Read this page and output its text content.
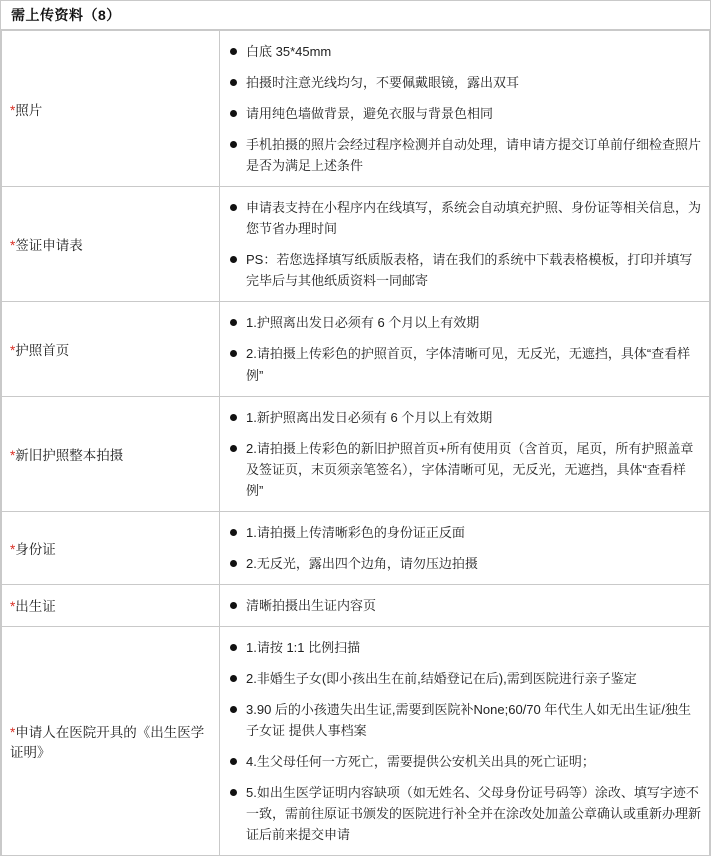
需上传资料（8）
*照片	
白底 35*45mm
拍摄时注意光线均匀，不要佩戴眼镜，露出双耳
请用纯色墙做背景，避免衣服与背景色相同
手机拍摄的照片会经过程序检测并自动处理，请申请方提交订单前仔细检查照片是否为满足上述条件

*签证申请表	
申请表支持在小程序内在线填写，系统会自动填充护照、身份证等相关信息，为您节省办理时间
PS：若您选择填写纸质版表格，请在我们的系统中下载表格模板，打印并填写完毕后与其他纸质资料一同邮寄

*护照首页	
1.护照离出发日必须有 6 个月以上有效期
2.请拍摄上传彩色的护照首页，字体清晰可见，无反光，无遮挡，具体“查看样例”

*新旧护照整本拍摄	
1.新护照离出发日必须有 6 个月以上有效期
2.请拍摄上传彩色的新旧护照首页+所有使用页（含首页，尾页，所有护照盖章及签证页，末页须亲笔签名），字体清晰可见，无反光，无遮挡，具体“查看样例”

*身份证	
1.请拍摄上传清晰彩色的身份证正反面
2.无反光，露出四个边角，请勿压边拍摄

*出生证	清晰拍摄出生证内容页

*申请人在医院开具的《出生医学证明》	
1.请按 1:1 比例扫描
2.非婚生子女(即小孩出生在前,结婚登记在后),需到医院进行亲子鉴定
3.90 后的小孩遗失出生证,需要到医院补None;60/70 年代生人如无出生证/独生子女证 提供人事档案
4.生父母任何一方死亡，需要提供公安机关出具的死亡证明；
5.如出生医学证明内容缺项（如无姓名、父母身份证号码等）涂改、填写字迹不一致，需前往原证书颁发的医院进行补全并在涂改处加盖公章确认或重新办理新证后前来提交申请
